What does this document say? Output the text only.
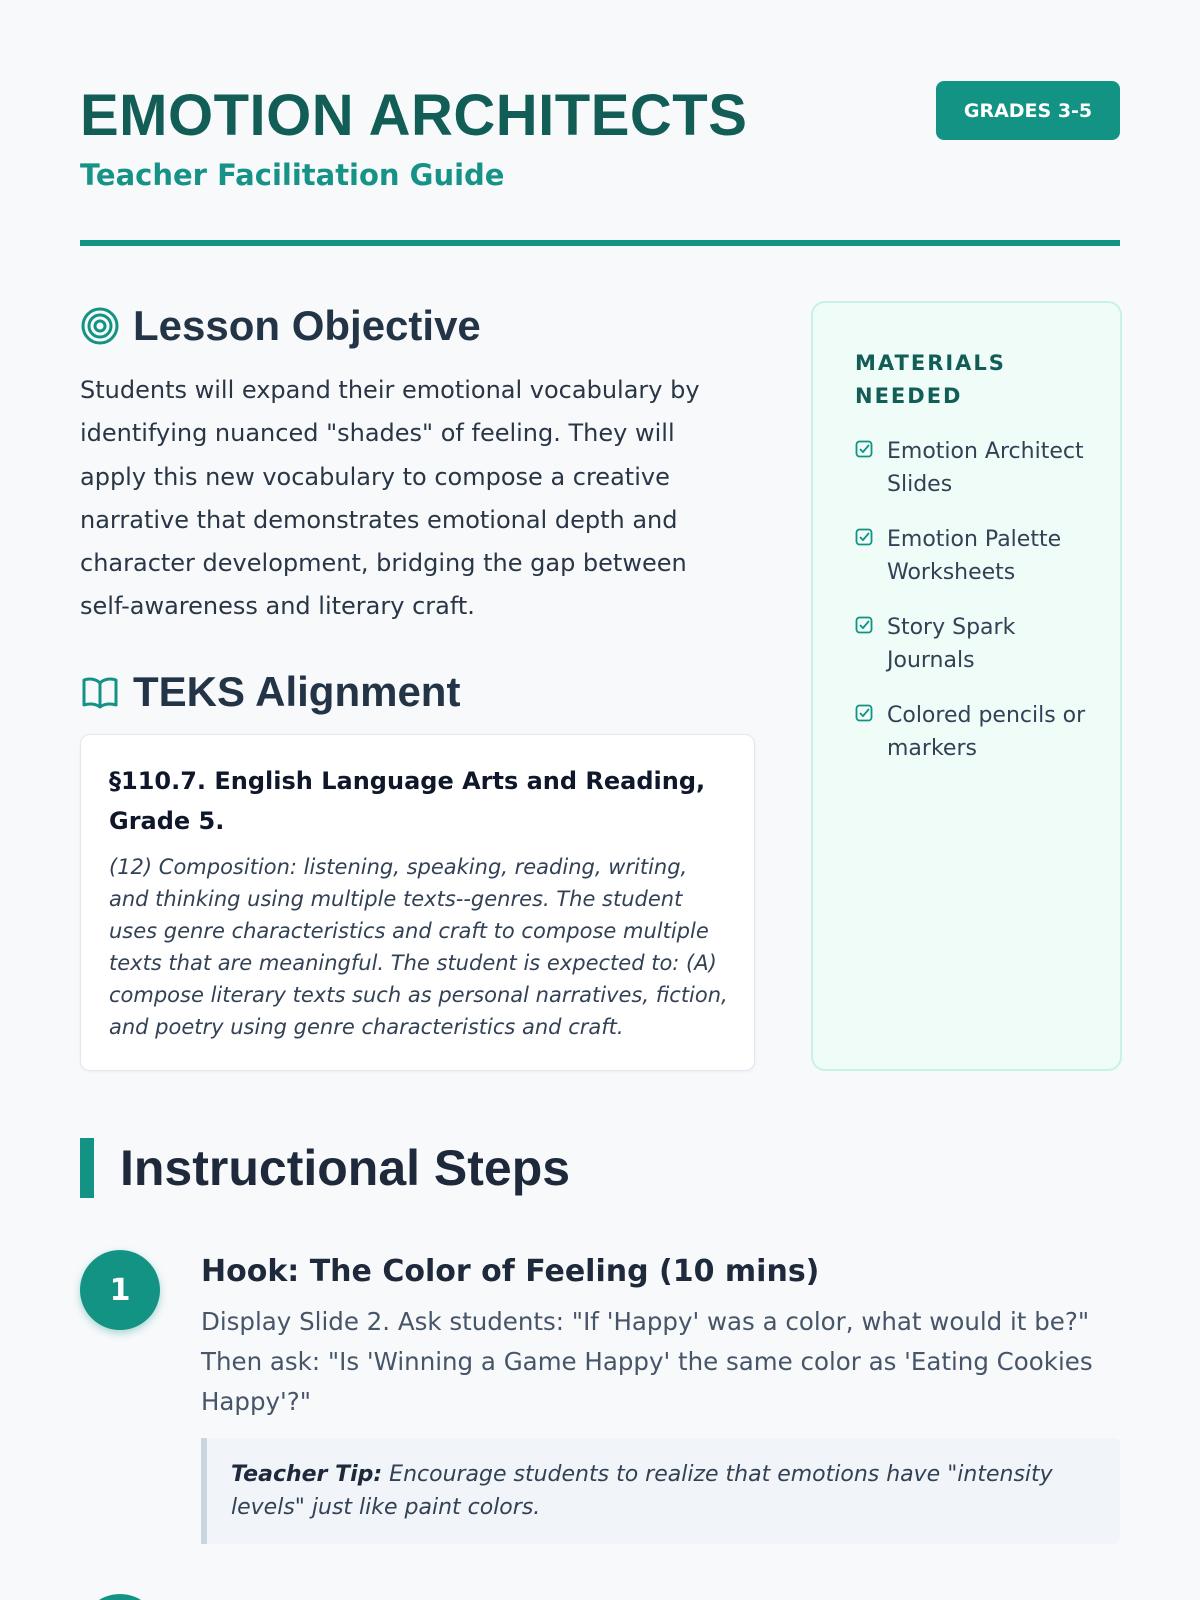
EMOTION ARCHITECTS
Teacher Facilitation Guide
GRADES 3-5
Lesson Objective

Students will expand their emotional vocabulary by identifying nuanced "shades" of feeling. They will apply this new vocabulary to compose a creative narrative that demonstrates emotional depth and character development, bridging the gap between self-awareness and literary craft.

TEKS Alignment
§110.7. English Language Arts and Reading, Grade 5.
(12) Composition: listening, speaking, reading, writing, and thinking using multiple texts--genres. The student uses genre characteristics and craft to compose multiple texts that are meaningful. The student is expected to: (A) compose literary texts such as personal narratives, fiction, and poetry using genre characteristics and craft.
MATERIALS NEEDED
Emotion Architect Slides
Emotion Palette Worksheets
Story Spark Journals
Colored pencils or markers
Instructional Steps
1
Hook: The Color of Feeling (10 mins)
Display Slide 2. Ask students: "If 'Happy' was a color, what would it be?" Then ask: "Is 'Winning a Game Happy' the same color as 'Eating Cookies Happy'?"
Teacher Tip: Encourage students to realize that emotions have "intensity levels" just like paint colors.
